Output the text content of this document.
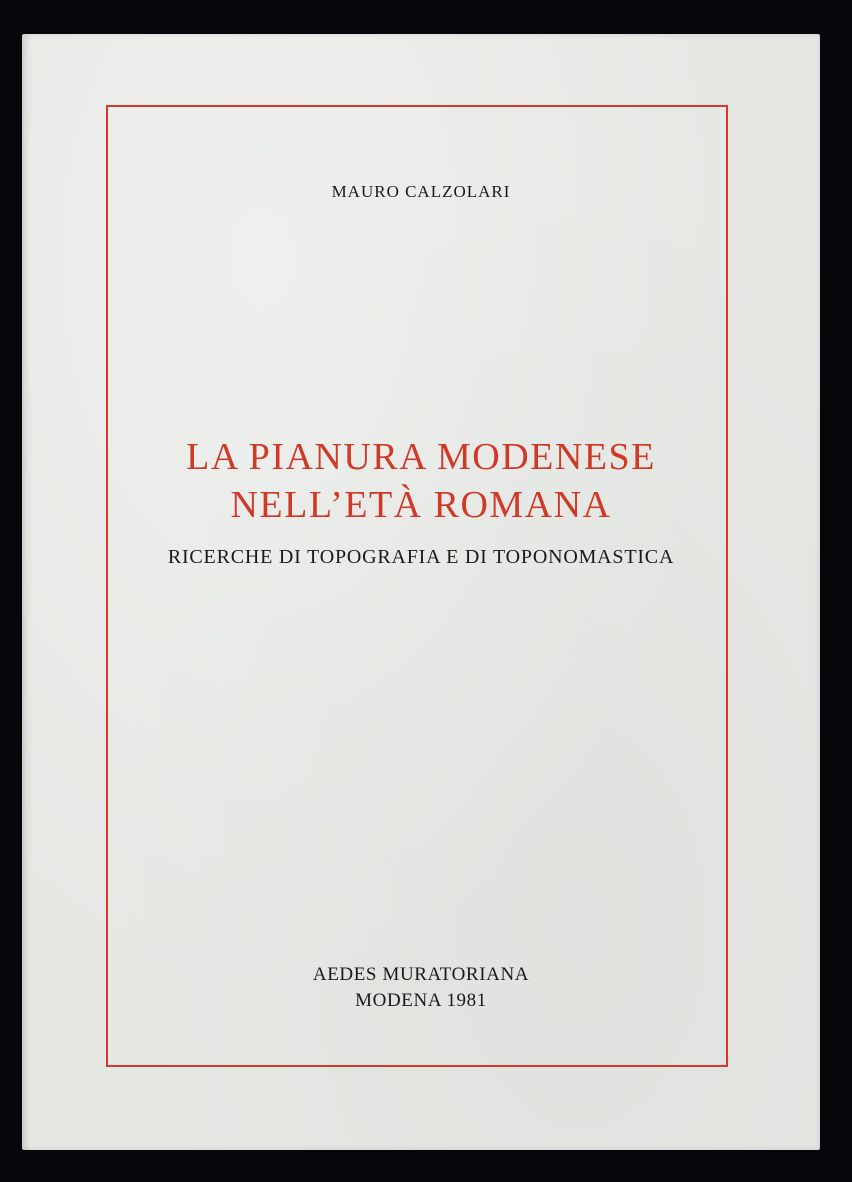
MAURO CALZOLARI
LA PIANURA MODENESE
NELL’ETÀ ROMANA
RICERCHE DI TOPOGRAFIA E DI TOPONOMASTICA
AEDES MURATORIANA
MODENA 1981
